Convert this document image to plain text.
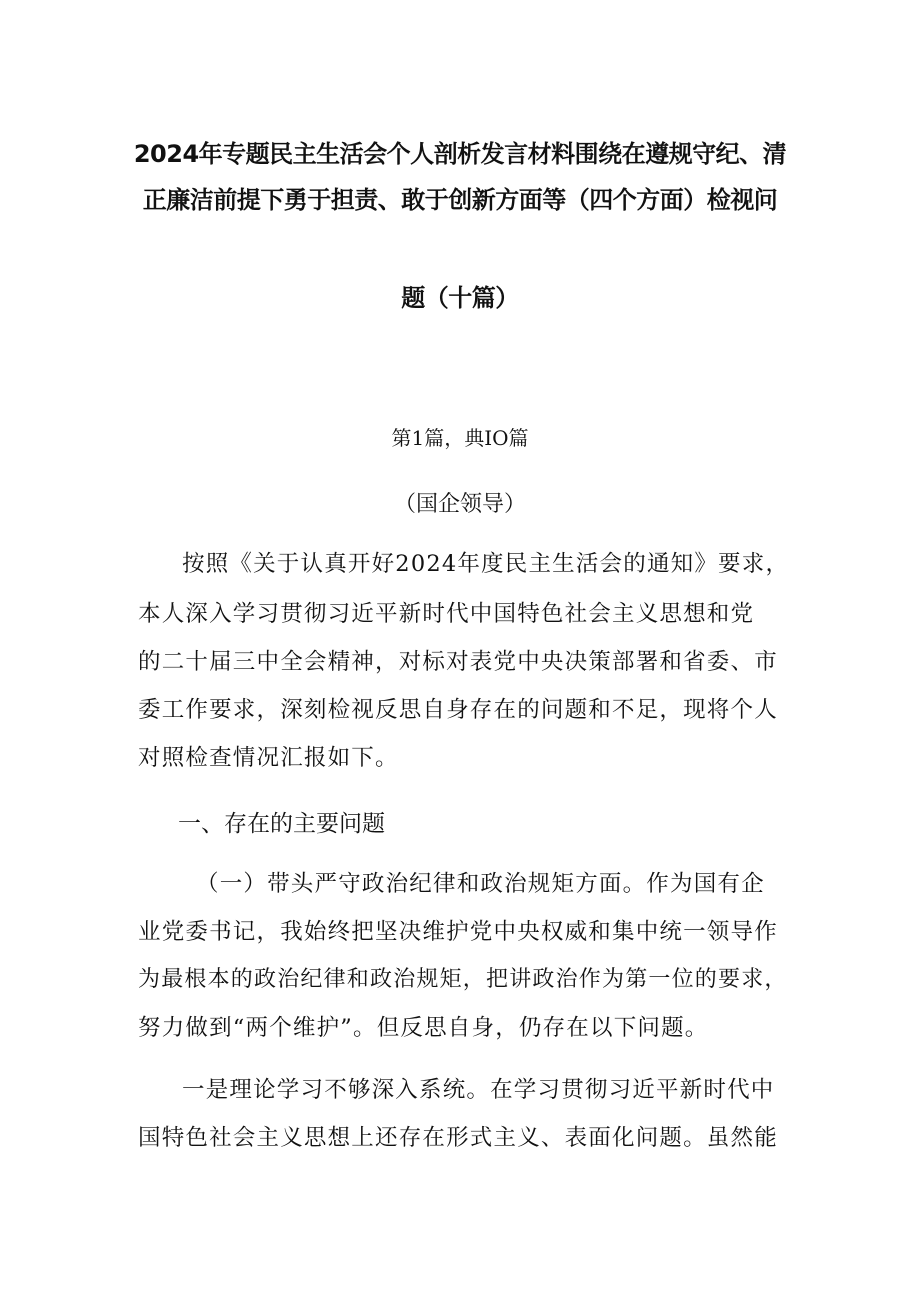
2024年专题民主生活会个人剖析发言材料围绕在遵规守纪、清
正廉洁前提下勇于担责、敢于创新方面等（四个方面）检视问
题（十篇）
第1篇，典IO篇
（国企领导）
按照《关于认真开好2024年度民主生活会的通知》要求，
本人深入学习贯彻习近平新时代中国特色社会主义思想和党
的二十届三中全会精神，对标对表党中央决策部署和省委、市
委工作要求，深刻检视反思自身存在的问题和不足，现将个人
对照检查情况汇报如下。
一、存在的主要问题
（一）带头严守政治纪律和政治规矩方面。作为国有企
业党委书记，我始终把坚决维护党中央权威和集中统一领导作
为最根本的政治纪律和政治规矩，把讲政治作为第一位的要求，
努力做到“两个维护”。但反思自身，仍存在以下问题。
一是理论学习不够深入系统。在学习贯彻习近平新时代中
国特色社会主义思想上还存在形式主义、表面化问题。虽然能
